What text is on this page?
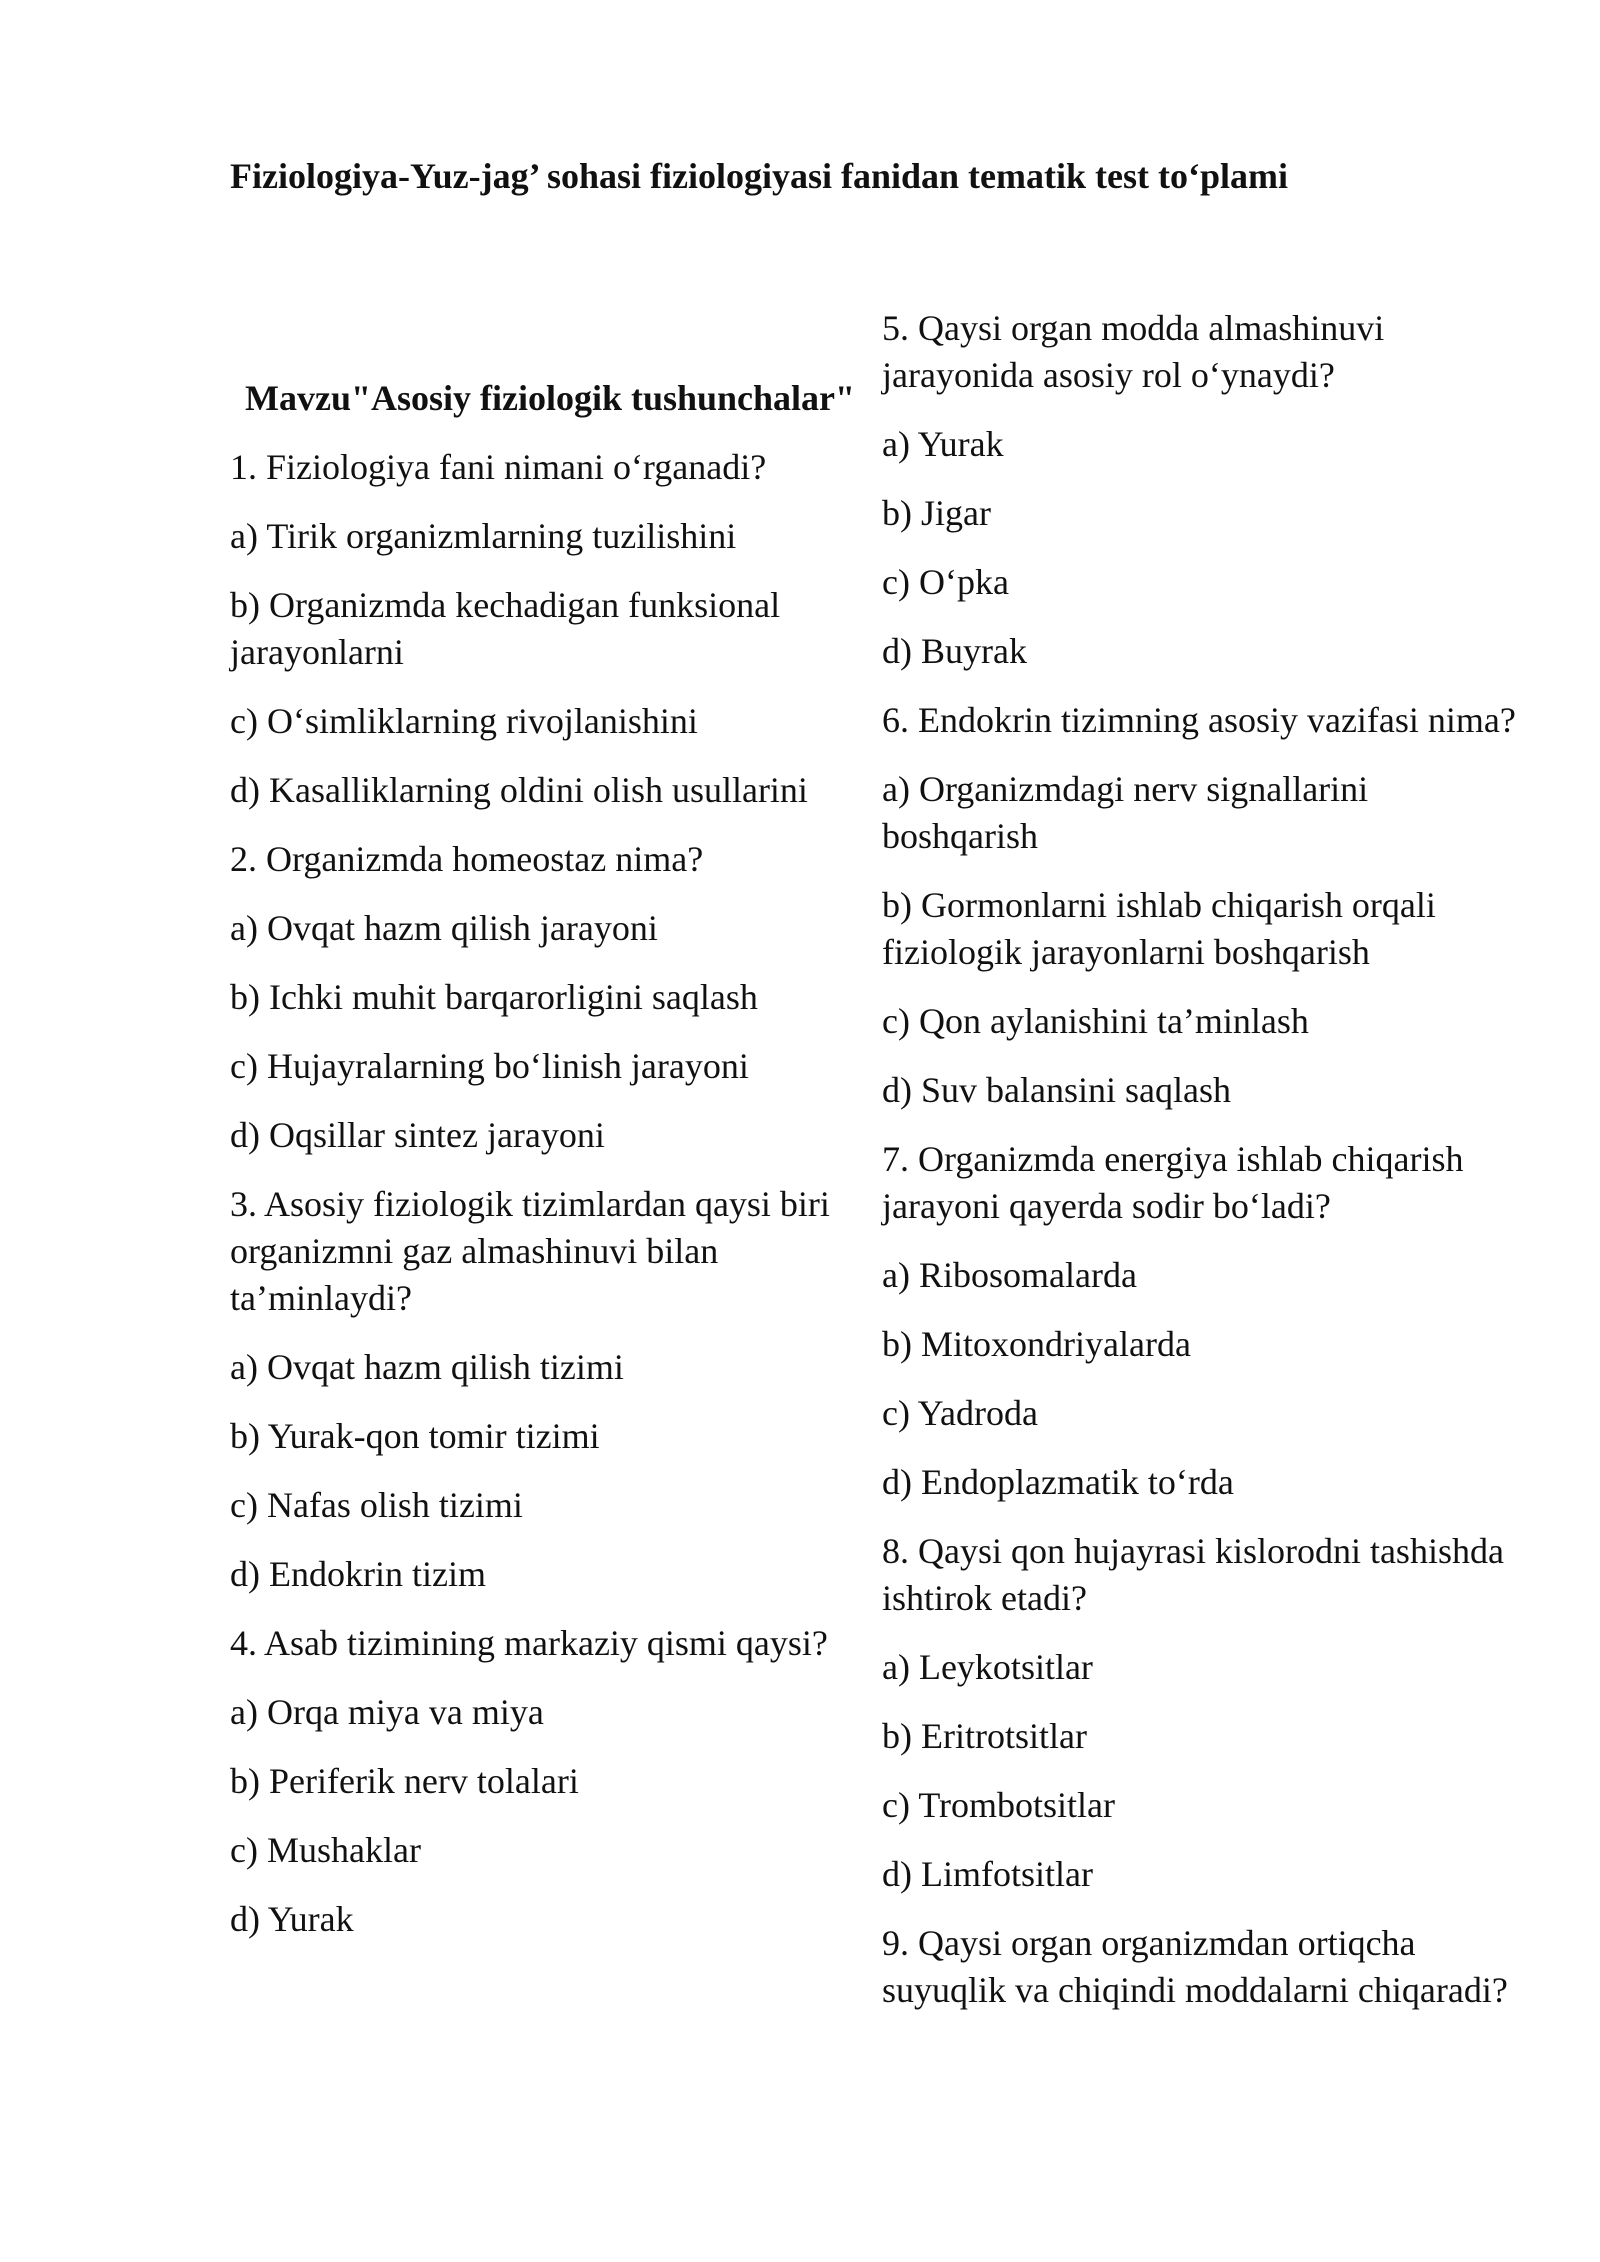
Fiziologiya-Yuz-jag’ sohasi fiziologiyasi fanidan tematik test to‘plami

Mavzu"Asosiy fiziologik tushunchalar"

1. Fiziologiya fani nimani o‘rganadi?

a) Tirik organizmlarning tuzilishini

b) Organizmda kechadigan funksional jarayonlarni

c) O‘simliklarning rivojlanishini

d) Kasalliklarning oldini olish usullarini

2. Organizmda homeostaz nima?

a) Ovqat hazm qilish jarayoni

b) Ichki muhit barqarorligini saqlash

c) Hujayralarning bo‘linish jarayoni

d) Oqsillar sintez jarayoni

3. Asosiy fiziologik tizimlardan qaysi biri organizmni gaz almashinuvi bilan ta’minlaydi?

a) Ovqat hazm qilish tizimi

b) Yurak-qon tomir tizimi

c) Nafas olish tizimi

d) Endokrin tizim

4. Asab tizimining markaziy qismi qaysi?

a) Orqa miya va miya

b) Periferik nerv tolalari

c) Mushaklar

d) Yurak

5. Qaysi organ modda almashinuvi jarayonida asosiy rol o‘ynaydi?

a) Yurak

b) Jigar

c) O‘pka

d) Buyrak

6. Endokrin tizimning asosiy vazifasi nima?

a) Organizmdagi nerv signallarini boshqarish

b) Gormonlarni ishlab chiqarish orqali fiziologik jarayonlarni boshqarish

c) Qon aylanishini ta’minlash

d) Suv balansini saqlash

7. Organizmda energiya ishlab chiqarish jarayoni qayerda sodir bo‘ladi?

a) Ribosomalarda

b) Mitoxondriyalarda

c) Yadroda

d) Endoplazmatik to‘rda

8. Qaysi qon hujayrasi kislorodni tashishda ishtirok etadi?

a) Leykotsitlar

b) Eritrotsitlar

c) Trombotsitlar

d) Limfotsitlar

9. Qaysi organ organizmdan ortiqcha suyuqlik va chiqindi moddalarni chiqaradi?
